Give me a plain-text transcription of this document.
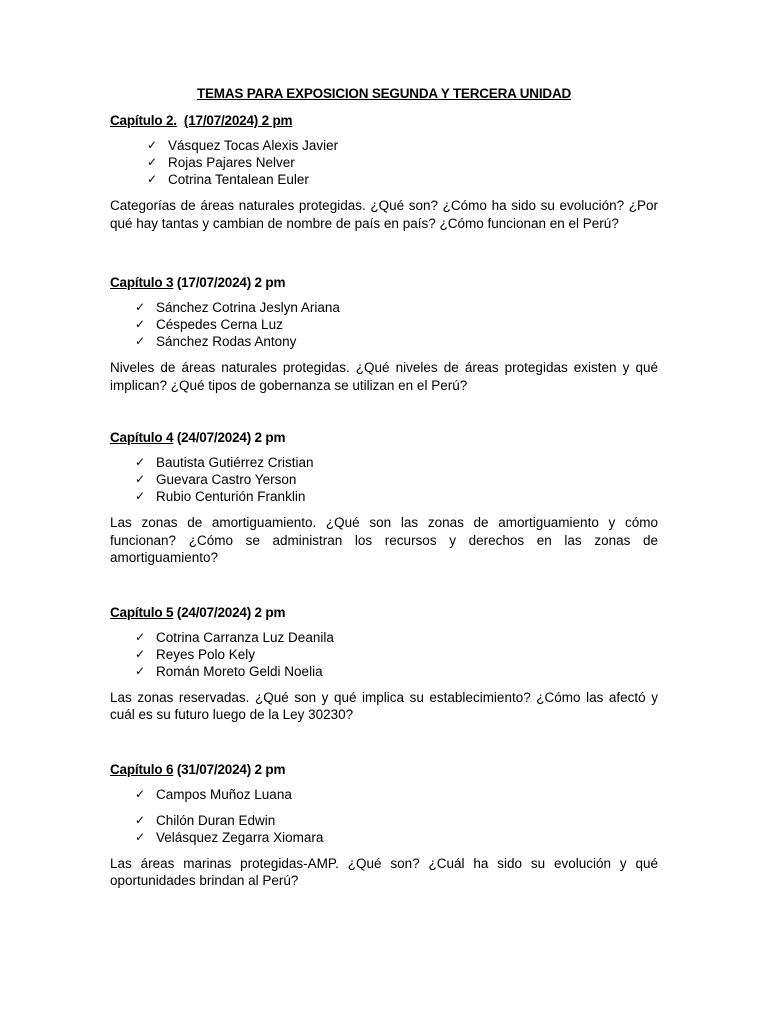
TEMAS PARA EXPOSICION SEGUNDA Y TERCERA UNIDAD
Capítulo 2. (17/07/2024) 2 pm
✓ Vásquez Tocas Alexis Javier
✓ Rojas Pajares Nelver
✓ Cotrina Tentalean Euler

Categorías de áreas naturales protegidas. ¿Qué son? ¿Cómo ha sido su evolución? ¿Por qué hay tantas y cambian de nombre de país en país? ¿Cómo funcionan en el Perú?

Capítulo 3 (17/07/2024) 2 pm
✓ Sánchez Cotrina Jeslyn Ariana
✓ Céspedes Cerna Luz
✓ Sánchez Rodas Antony

Niveles de áreas naturales protegidas. ¿Qué niveles de áreas protegidas existen y qué implican? ¿Qué tipos de gobernanza se utilizan en el Perú?

Capítulo 4 (24/07/2024) 2 pm
✓ Bautista Gutiérrez Cristian
✓ Guevara Castro Yerson
✓ Rubio Centurión Franklin

Las zonas de amortiguamiento. ¿Qué son las zonas de amortiguamiento y cómo funcionan? ¿Cómo se administran los recursos y derechos en las zonas de amortiguamiento?

Capítulo 5 (24/07/2024) 2 pm
✓ Cotrina Carranza Luz Deanila
✓ Reyes Polo Kely
✓ Román Moreto Geldi Noelia

Las zonas reservadas. ¿Qué son y qué implica su establecimiento? ¿Cómo las afectó y cuál es su futuro luego de la Ley 30230?

Capítulo 6 (31/07/2024) 2 pm
✓ Campos Muñoz Luana
✓ Chilón Duran Edwin
✓ Velásquez Zegarra Xiomara

Las áreas marinas protegidas-AMP. ¿Qué son? ¿Cuál ha sido su evolución y qué oportunidades brindan al Perú?
